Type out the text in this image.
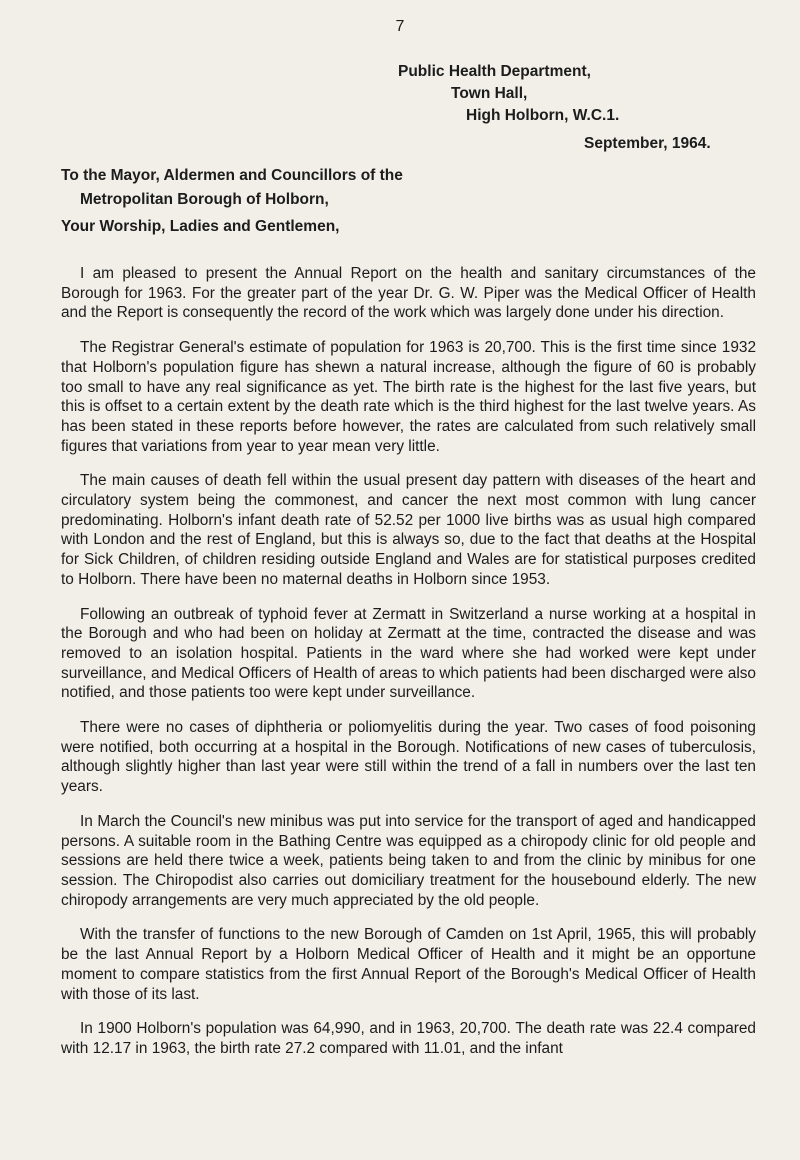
7
Public Health Department,
Town Hall,
High Holborn, W.C.1.
September, 1964.
To the Mayor, Aldermen and Councillors of the
Metropolitan Borough of Holborn,
Your Worship, Ladies and Gentlemen,

I am pleased to present the Annual Report on the health and sanitary circumstances of the Borough for 1963. For the greater part of the year Dr. G. W. Piper was the Medical Officer of Health and the Report is consequently the record of the work which was largely done under his direction.

The Registrar General's estimate of population for 1963 is 20,700. This is the first time since 1932 that Holborn's population figure has shewn a natural increase, although the figure of 60 is probably too small to have any real significance as yet. The birth rate is the highest for the last five years, but this is offset to a certain extent by the death rate which is the third highest for the last twelve years. As has been stated in these reports before however, the rates are calculated from such relatively small figures that variations from year to year mean very little.

The main causes of death fell within the usual present day pattern with diseases of the heart and circulatory system being the commonest, and cancer the next most common with lung cancer predominating. Holborn's infant death rate of 52.52 per 1000 live births was as usual high compared with London and the rest of England, but this is always so, due to the fact that deaths at the Hospital for Sick Children, of children residing outside England and Wales are for statistical purposes credited to Holborn. There have been no maternal deaths in Holborn since 1953.

Following an outbreak of typhoid fever at Zermatt in Switzerland a nurse working at a hospital in the Borough and who had been on holiday at Zermatt at the time, contracted the disease and was removed to an isolation hospital. Patients in the ward where she had worked were kept under surveillance, and Medical Officers of Health of areas to which patients had been discharged were also notified, and those patients too were kept under surveillance.

There were no cases of diphtheria or poliomyelitis during the year. Two cases of food poisoning were notified, both occurring at a hospital in the Borough. Notifications of new cases of tuberculosis, although slightly higher than last year were still within the trend of a fall in numbers over the last ten years.

In March the Council's new minibus was put into service for the transport of aged and handicapped persons. A suitable room in the Bathing Centre was equipped as a chiropody clinic for old people and sessions are held there twice a week, patients being taken to and from the clinic by minibus for one session. The Chiropodist also carries out domiciliary treatment for the housebound elderly. The new chiropody arrangements are very much appreciated by the old people.

With the transfer of functions to the new Borough of Camden on 1st April, 1965, this will probably be the last Annual Report by a Holborn Medical Officer of Health and it might be an opportune moment to compare statistics from the first Annual Report of the Borough's Medical Officer of Health with those of its last.

In 1900 Holborn's population was 64,990, and in 1963, 20,700. The death rate was 22.4 compared with 12.17 in 1963, the birth rate 27.2 compared with 11.01, and the infant
